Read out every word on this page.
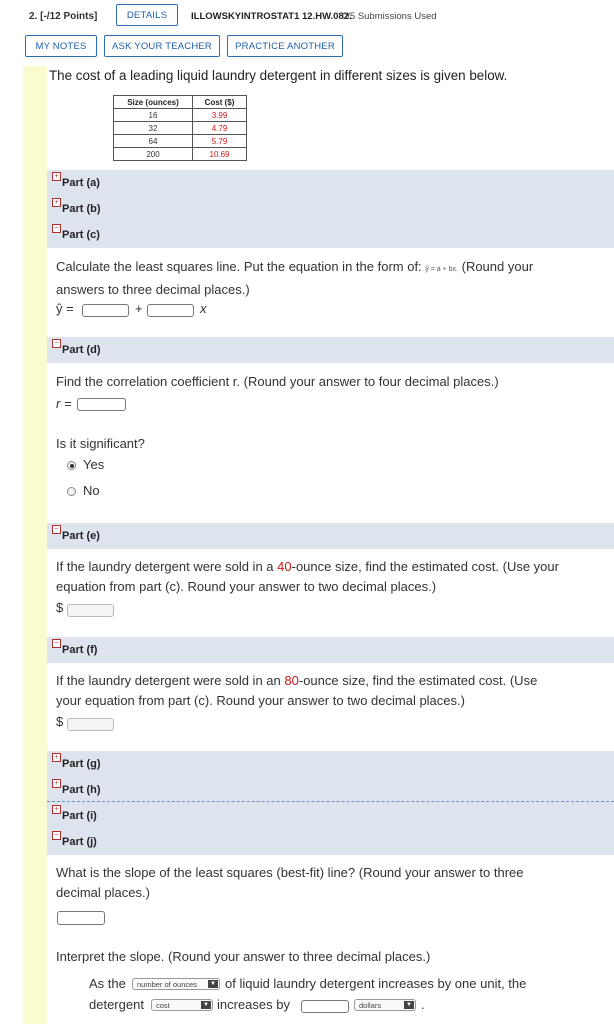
2. [-/12 Points]	DETAILS	ILLOWSKYINTROSTAT1 12.HW.082.
0/5 Submissions Used
MY NOTES	ASK YOUR TEACHER	PRACTICE ANOTHER
The cost of a leading liquid laundry detergent in different sizes is given below.
Size (ounces)	Cost ($)
16	3.99
32	4.79
64	5.79
200	10.69
+
Part (a)
+
Part (b)
−
Part (c)
Calculate the least squares line. Put the equation in the form of: ŷ = a + bx. (Round your
answers to three decimal places.)
ŷ =	+	x
−
Part (d)
Find the correlation coefficient r. (Round your answer to four decimal places.)
r =
Is it significant?
Yes
No
−
Part (e)
If the laundry detergent were sold in a 40-ounce size, find the estimated cost. (Use your
equation from part (c). Round your answer to two decimal places.)
$
−
Part (f)
If the laundry detergent were sold in an 80-ounce size, find the estimated cost. (Use
your equation from part (c). Round your answer to two decimal places.)
$
+
Part (g)
+
Part (h)
+
Part (i)
−
Part (j)
What is the slope of the least squares (best-fit) line? (Round your answer to three
decimal places.)
Interpret the slope. (Round your answer to three decimal places.)
As the	number of ounces	▼ of liquid laundry detergent increases by one unit, the
detergent	cost	▼ increases by	dollars	▼ .
